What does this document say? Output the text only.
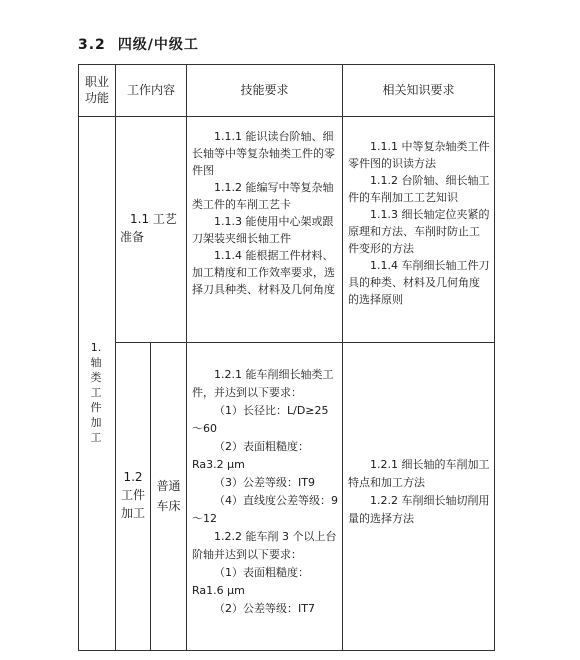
3.2 四级/中级工
职业
功能
工作内容	技能要求	相关知识要求
1.
轴
类
工
件
加
工
1.1 工艺
准备

1.1.1 能识读台阶轴、细长轴等中等复杂轴类工件的零件图

1.1.2 能编写中等复杂轴类工件的车削工艺卡

1.1.3 能使用中心架或跟刀架装夹细长轴工件

1.1.4 能根据工件材料、加工精度和工作效率要求，选择刀具种类、材料及几何角度

1.1.1 中等复杂轴类工件零件图的识读方法

1.1.2 台阶轴、细长轴工件的车削加工工艺知识

1.1.3 细长轴定位夹紧的原理和方法、车削时防止工件变形的方法

1.1.4 车削细长轴工件刀具的种类、材料及几何角度的选择原则

1.2
工件
加工
普通
车床

1.2.1 能车削细长轴类工件，并达到以下要求：

（1）长径比：L/D≥25～60

（2）表面粗糙度：Ra3.2 μm

（3）公差等级：IT9

（4）直线度公差等级：9～12

1.2.2 能车削 3 个以上台阶轴并达到以下要求：

（1）表面粗糙度：Ra1.6 μm

（2）公差等级：IT7

1.2.1 细长轴的车削加工特点和加工方法

1.2.2 车削细长轴切削用量的选择方法
